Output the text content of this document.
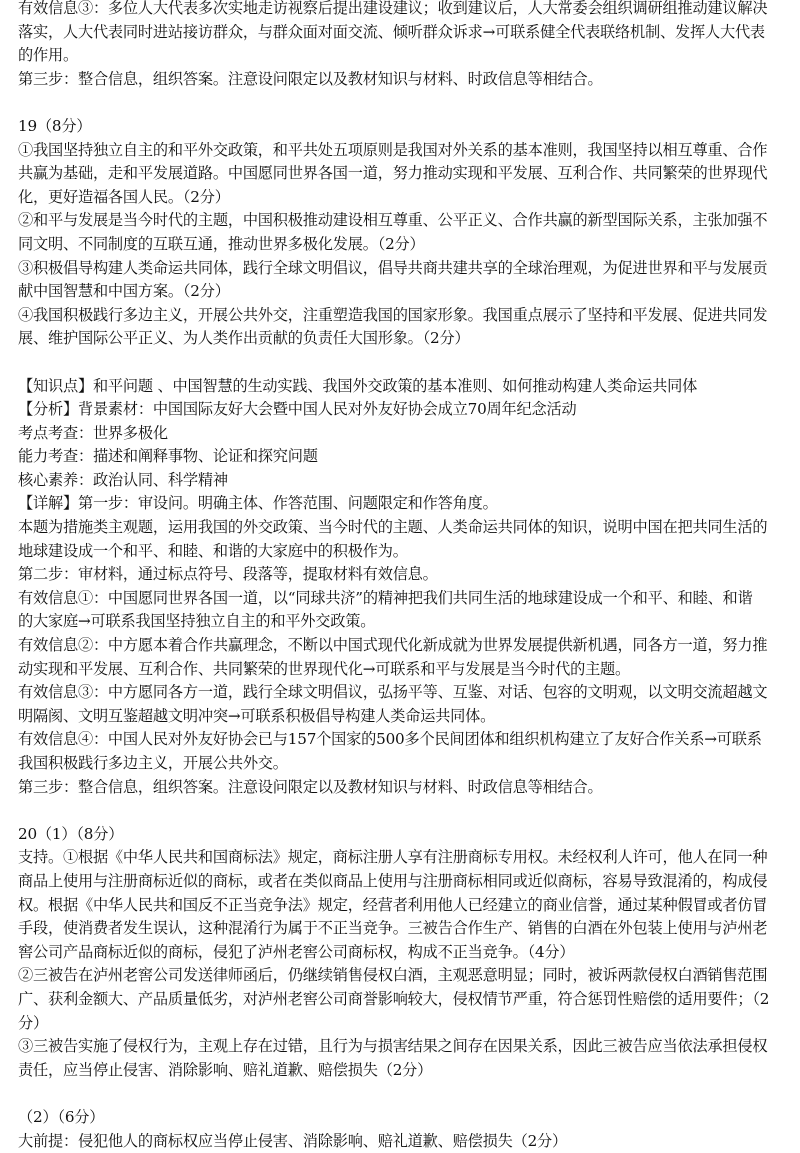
有效信息③：多位人大代表多次实地走访视察后提出建设建议；收到建议后，人大常委会组织调研组推动建议解决
落实，人大代表同时进站接访群众，与群众面对面交流、倾听群众诉求→可联系健全代表联络机制、发挥人大代表
的作用。
第三步：整合信息，组织答案。注意设问限定以及教材知识与材料、时政信息等相结合。
19（8分）
①我国坚持独立自主的和平外交政策，和平共处五项原则是我国对外关系的基本准则，我国坚持以相互尊重、合作
共赢为基础，走和平发展道路。中国愿同世界各国一道，努力推动实现和平发展、互利合作、共同繁荣的世界现代
化，更好造福各国人民。（2分）
②和平与发展是当今时代的主题，中国积极推动建设相互尊重、公平正义、合作共赢的新型国际关系，主张加强不
同文明、不同制度的互联互通，推动世界多极化发展。（2分）
③积极倡导构建人类命运共同体，践行全球文明倡议，倡导共商共建共享的全球治理观，为促进世界和平与发展贡
献中国智慧和中国方案。（2分）
④我国积极践行多边主义，开展公共外交，注重塑造我国的国家形象。我国重点展示了坚持和平发展、促进共同发
展、维护国际公平正义、为人类作出贡献的负责任大国形象。（2分）
【知识点】和平问题 、中国智慧的生动实践、我国外交政策的基本准则、如何推动构建人类命运共同体
【分析】背景素材：中国国际友好大会暨中国人民对外友好协会成立70周年纪念活动
考点考查：世界多极化
能力考查：描述和阐释事物、论证和探究问题
核心素养：政治认同、科学精神
【详解】第一步：审设问。明确主体、作答范围、问题限定和作答角度。
本题为措施类主观题，运用我国的外交政策、当今时代的主题、人类命运共同体的知识，说明中国在把共同生活的
地球建设成一个和平、和睦、和谐的大家庭中的积极作为。
第二步：审材料，通过标点符号、段落等，提取材料有效信息。
有效信息①：中国愿同世界各国一道，以“同球共济”的精神把我们共同生活的地球建设成一个和平、和睦、和谐
的大家庭→可联系我国坚持独立自主的和平外交政策。
有效信息②：中方愿本着合作共赢理念，不断以中国式现代化新成就为世界发展提供新机遇，同各方一道，努力推
动实现和平发展、互利合作、共同繁荣的世界现代化→可联系和平与发展是当今时代的主题。
有效信息③：中方愿同各方一道，践行全球文明倡议，弘扬平等、互鉴、对话、包容的文明观，以文明交流超越文
明隔阂、文明互鉴超越文明冲突→可联系积极倡导构建人类命运共同体。
有效信息④：中国人民对外友好协会已与157个国家的500多个民间团体和组织机构建立了友好合作关系→可联系
我国积极践行多边主义，开展公共外交。
第三步：整合信息，组织答案。注意设问限定以及教材知识与材料、时政信息等相结合。
20（1）（8分）
支持。①根据《中华人民共和国商标法》规定，商标注册人享有注册商标专用权。未经权利人许可，他人在同一种
商品上使用与注册商标近似的商标，或者在类似商品上使用与注册商标相同或近似商标，容易导致混淆的，构成侵
权。根据《中华人民共和国反不正当竞争法》规定，经营者利用他人已经建立的商业信誉，通过某种假冒或者仿冒
手段，使消费者发生误认，这种混淆行为属于不正当竞争。三被告合作生产、销售的白酒在外包装上使用与泸州老
窖公司产品商标近似的商标，侵犯了泸州老窖公司商标权，构成不正当竞争。（4分）
②三被告在泸州老窖公司发送律师函后，仍继续销售侵权白酒，主观恶意明显；同时，被诉两款侵权白酒销售范围
广、获利金额大、产品质量低劣，对泸州老窖公司商誉影响较大，侵权情节严重，符合惩罚性赔偿的适用要件；（2
分）
③三被告实施了侵权行为，主观上存在过错，且行为与损害结果之间存在因果关系，因此三被告应当依法承担侵权
责任，应当停止侵害、消除影响、赔礼道歉、赔偿损失（2分）
（2）（6分）
大前提：侵犯他人的商标权应当停止侵害、消除影响、赔礼道歉、赔偿损失（2分）
